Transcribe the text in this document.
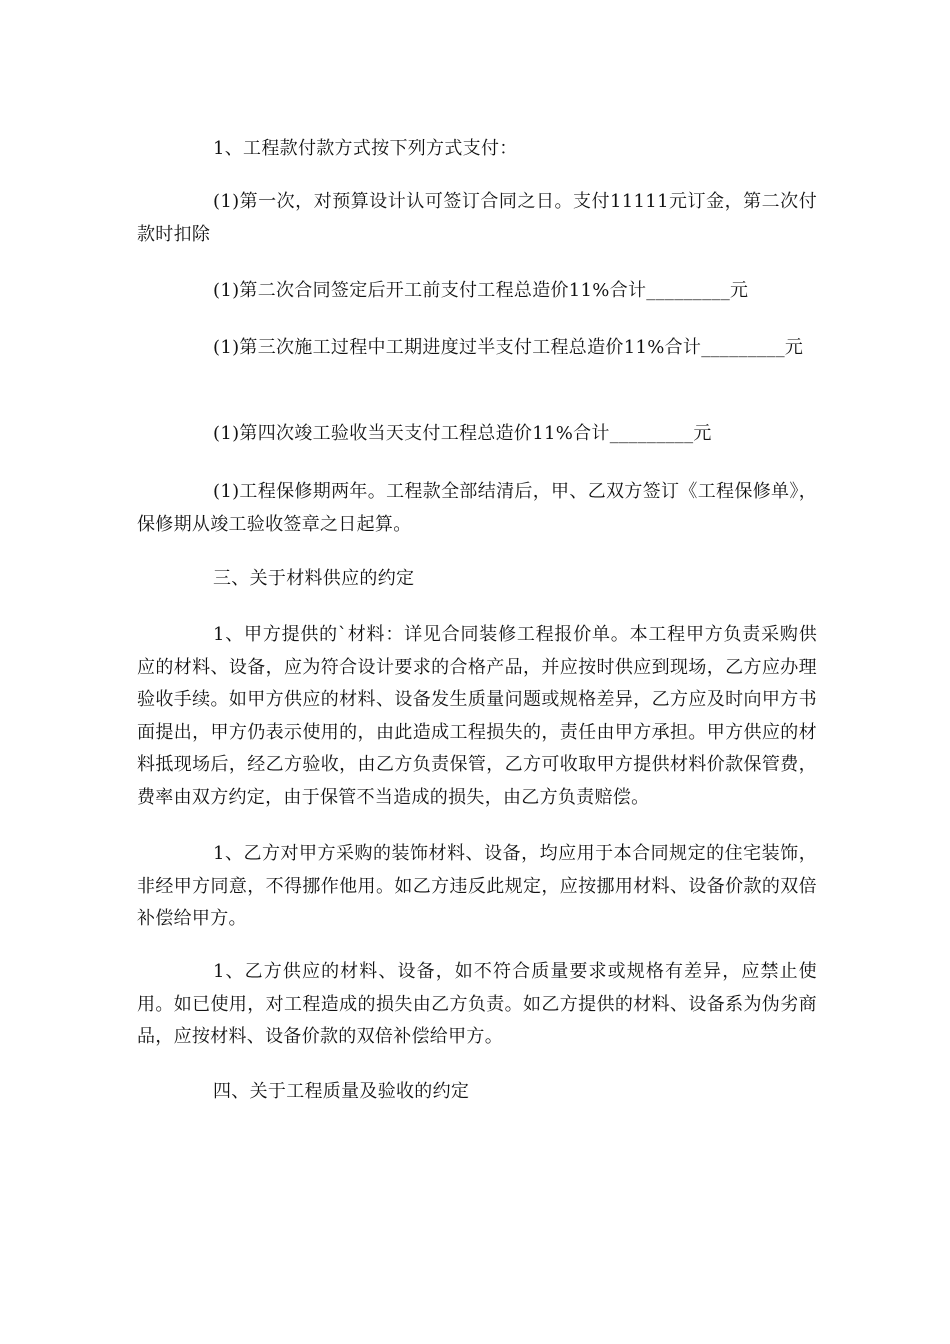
1、工程款付款方式按下列方式支付：

(1)第一次，对预算设计认可签订合同之日。支付11111元订金，第二次付款时扣除

(1)第二次合同签定后开工前支付工程总造价11%合计_________元

(1)第三次施工过程中工期进度过半支付工程总造价11%合计_________元

(1)第四次竣工验收当天支付工程总造价11%合计_________元

(1)工程保修期两年。工程款全部结清后，甲、乙双方签订《工程保修单》，保修期从竣工验收签章之日起算。

三、关于材料供应的约定

1、甲方提供的`材料：详见合同装修工程报价单。本工程甲方负责采购供应的材料、设备，应为符合设计要求的合格产品，并应按时供应到现场，乙方应办理验收手续。如甲方供应的材料、设备发生质量问题或规格差异，乙方应及时向甲方书面提出，甲方仍表示使用的，由此造成工程损失的，责任由甲方承担。甲方供应的材料抵现场后，经乙方验收，由乙方负责保管，乙方可收取甲方提供材料价款保管费，费率由双方约定，由于保管不当造成的损失，由乙方负责赔偿。

1、乙方对甲方采购的装饰材料、设备，均应用于本合同规定的住宅装饰，非经甲方同意，不得挪作他用。如乙方违反此规定，应按挪用材料、设备价款的双倍补偿给甲方。

1、乙方供应的材料、设备，如不符合质量要求或规格有差异，应禁止使用。如已使用，对工程造成的损失由乙方负责。如乙方提供的材料、设备系为伪劣商品，应按材料、设备价款的双倍补偿给甲方。

四、关于工程质量及验收的约定
